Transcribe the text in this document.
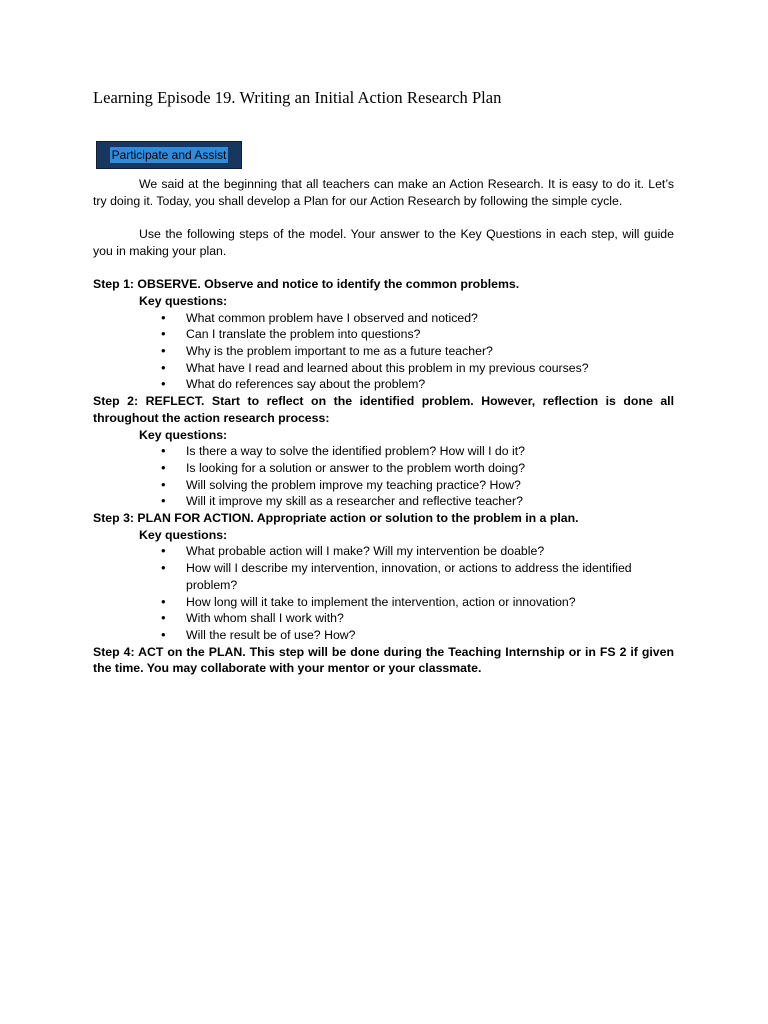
Learning Episode 19. Writing an Initial Action Research Plan
Participate and Assist

We said at the beginning that all teachers can make an Action Research. It is easy to do it. Let’s try doing it. Today, you shall develop a Plan for our Action Research by following the simple cycle.

Use the following steps of the model. Your answer to the Key Questions in each step, will guide you in making your plan.

Step 1: OBSERVE. Observe and notice to identify the common problems.

Key questions:

• What common problem have I observed and noticed?
• Can I translate the problem into questions?
• Why is the problem important to me as a future teacher?
• What have I read and learned about this problem in my previous courses?
• What do references say about the problem?

Step 2: REFLECT. Start to reflect on the identified problem. However, reflection is done all throughout the action research process:

Key questions:

• Is there a way to solve the identified problem? How will I do it?
• Is looking for a solution or answer to the problem worth doing?
• Will solving the problem improve my teaching practice? How?
• Will it improve my skill as a researcher and reflective teacher?

Step 3: PLAN FOR ACTION. Appropriate action or solution to the problem in a plan.

Key questions:

• What probable action will I make? Will my intervention be doable?
• How will I describe my intervention, innovation, or actions to address the identified problem?
• How long will it take to implement the intervention, action or innovation?
• With whom shall I work with?
• Will the result be of use? How?

Step 4: ACT on the PLAN. This step will be done during the Teaching Internship or in FS 2 if given the time. You may collaborate with your mentor or your classmate.
